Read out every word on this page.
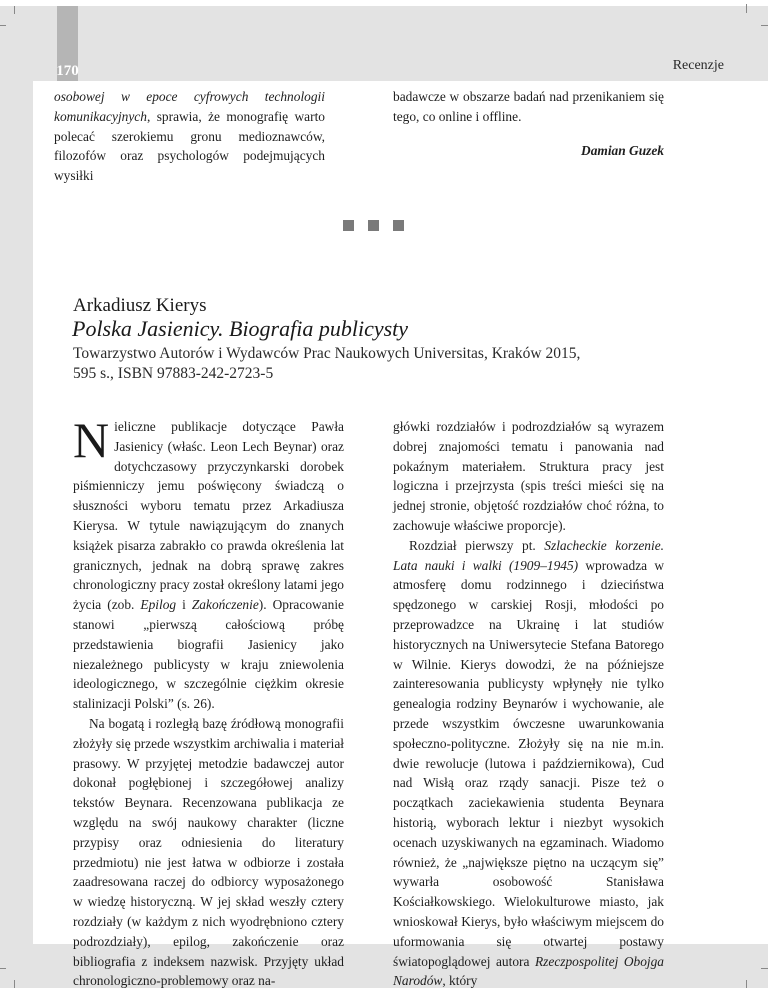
170	Recenzje

osobowej w epoce cyfrowych technologii komunikacyjnych, sprawia, że monografię warto polecać szerokiemu gronu medioznawców, filozofów oraz psychologów podejmujących wysiłki

badawcze w obszarze badań nad przenikaniem się tego, co online i offline.

Damian Guzek

Arkadiusz Kierys
Polska Jasienicy. Biografia publicysty
Towarzystwo Autorów i Wydawców Prac Naukowych Universitas, Kraków 2015,
595 s., ISBN 97883-242-2723-5

Nieliczne publikacje dotyczące Pawła Jasienicy (właśc. Leon Lech Beynar) oraz dotychczasowy przyczynkarski dorobek piśmienniczy jemu poświęcony świadczą o słuszności wyboru tematu przez Arkadiusza Kierysa. W tytule nawiązującym do znanych książek pisarza zabrakło co prawda określenia lat granicznych, jednak na dobrą sprawę zakres chronologiczny pracy został określony latami jego życia (zob. Epilog i Zakończenie). Opracowanie stanowi „pierwszą całościową próbę przedstawienia biografii Jasienicy jako niezależnego publicysty w kraju zniewolenia ideologicznego, w szczególnie ciężkim okresie stalinizacji Polski” (s. 26).

Na bogatą i rozległą bazę źródłową monografii złożyły się przede wszystkim archiwalia i materiał prasowy. W przyjętej metodzie badawczej autor dokonał pogłębionej i szczegółowej analizy tekstów Beynara. Recenzowana publikacja ze względu na swój naukowy charakter (liczne przypisy oraz odniesienia do literatury przedmiotu) nie jest łatwa w odbiorze i została zaadresowana raczej do odbiorcy wyposażonego w wiedzę historyczną. W jej skład weszły cztery rozdziały (w każdym z nich wyodrębniono cztery podrozdziały), epilog, zakończenie oraz bibliografia z indeksem nazwisk. Przyjęty układ chronologiczno-problemowy oraz na-

główki rozdziałów i podrozdziałów są wyrazem dobrej znajomości tematu i panowania nad pokaźnym materiałem. Struktura pracy jest logiczna i przejrzysta (spis treści mieści się na jednej stronie, objętość rozdziałów choć różna, to zachowuje właściwe proporcje).

Rozdział pierwszy pt. Szlacheckie korzenie. Lata nauki i walki (1909–1945) wprowadza w atmosferę domu rodzinnego i dzieciństwa spędzonego w carskiej Rosji, młodości po przeprowadzce na Ukrainę i lat studiów historycznych na Uniwersytecie Stefana Batorego w Wilnie. Kierys dowodzi, że na późniejsze zainteresowania publicysty wpłynęły nie tylko genealogia rodziny Beynarów i wychowanie, ale przede wszystkim ówczesne uwarunkowania społeczno-polityczne. Złożyły się na nie m.in. dwie rewolucje (lutowa i październikowa), Cud nad Wisłą oraz rządy sanacji. Pisze też o początkach zaciekawienia studenta Beynara historią, wyborach lektur i niezbyt wysokich ocenach uzyskiwanych na egzaminach. Wiadomo również, że „największe piętno na uczącym się” wywarła osobowość Stanisława Kościałkowskiego. Wielokulturowe miasto, jak wnioskował Kierys, było właściwym miejscem do uformowania się otwartej postawy światopoglądowej autora Rzeczpospolitej Obojga Narodów, który
